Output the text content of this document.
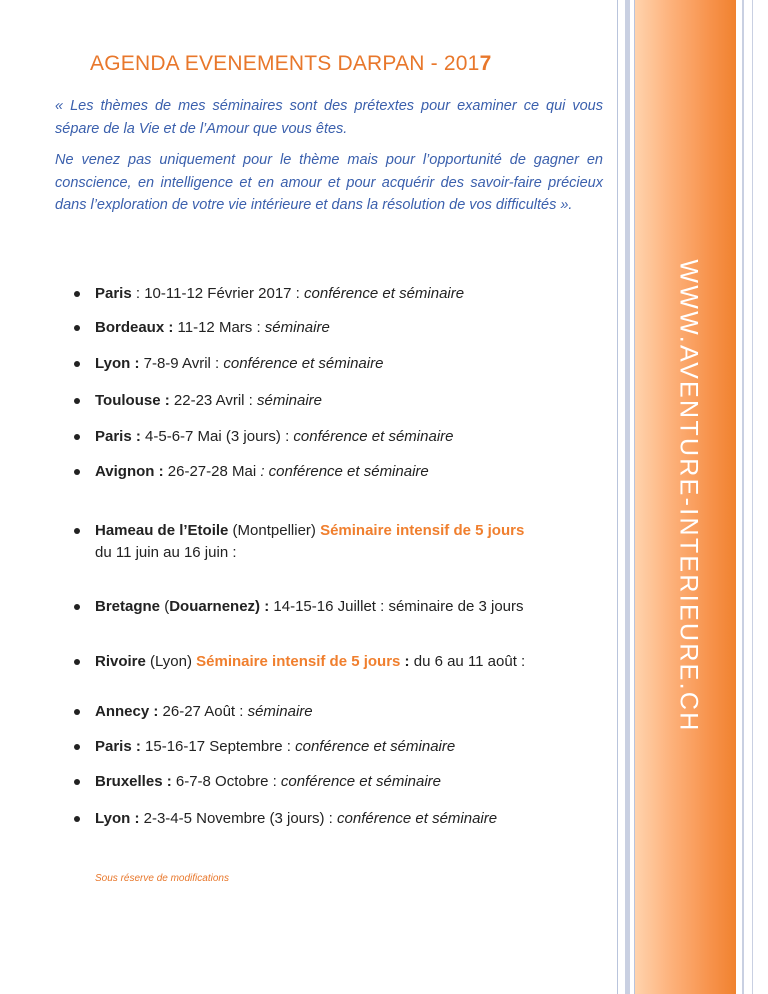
WWW.AVENTURE-INTERIEURE.CH
AGENDA EVENEMENTS DARPAN - 2017

« Les thèmes de mes séminaires sont des prétextes pour examiner ce qui vous sépare de la Vie et de l’Amour que vous êtes.

Ne venez pas uniquement pour le thème mais pour l’opportunité de gagner en conscience, en intelligence et en amour et pour acquérir des savoir-faire précieux dans l’exploration de votre vie intérieure et dans la résolution de vos difficultés ».

Paris : 10-11-12 Février 2017 : conférence et séminaire
Bordeaux : 11-12 Mars : séminaire
Lyon : 7-8-9 Avril : conférence et séminaire
Toulouse : 22-23 Avril : séminaire
Paris : 4-5-6-7 Mai (3 jours) : conférence et séminaire
Avignon : 26-27-28 Mai : conférence et séminaire
Hameau de l’Etoile (Montpellier) Séminaire intensif de 5 jours
du 11 juin au 16 juin :
Bretagne (Douarnenez) : 14-15-16 Juillet : séminaire de 3 jours
Rivoire (Lyon) Séminaire intensif de 5 jours : du 6 au 11 août :
Annecy : 26-27 Août : séminaire
Paris : 15-16-17 Septembre : conférence et séminaire
Bruxelles : 6-7-8 Octobre : conférence et séminaire
Lyon : 2-3-4-5 Novembre (3 jours) : conférence et séminaire

Sous réserve de modifications
